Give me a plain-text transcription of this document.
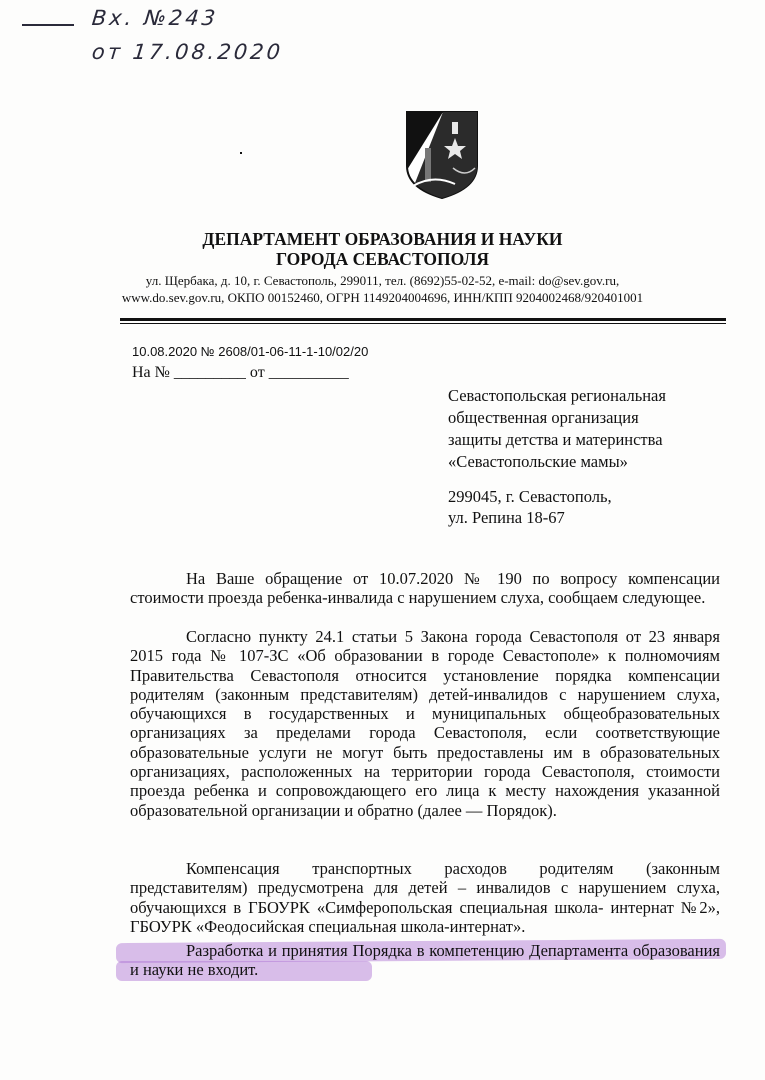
Вх. №243
от 17.08.2020
ДЕПАРТАМЕНТ ОБРАЗОВАНИЯ И НАУКИ
ГОРОДА СЕВАСТОПОЛЯ
ул. Щербака, д. 10, г. Севастополь, 299011, тел. (8692)55-02-52, e-mail: do@sev.gov.ru,
www.do.sev.gov.ru, ОКПО 00152460, ОГРН 1149204004696, ИНН/КПП 9204002468/920401001
10.08.2020 № 2608/01-06-11-1-10/02/20
На № _________ от __________
Севастопольская региональная
общественная организация
защиты детства и материнства
«Севастопольские мамы»
299045, г. Севастополь,
ул. Репина 18-67

На Ваше обращение от 10.07.2020 № 190 по вопросу компенсации стоимости проезда ребенка-инвалида с нарушением слуха, сообщаем следующее.

Согласно пункту 24.1 статьи 5 Закона города Севастополя от 23 января 2015 года № 107-ЗС «Об образовании в городе Севастополе» к полномочиям Правительства Севастополя относится установление порядка компенсации родителям (законным представителям) детей-инвалидов с нарушением слуха, обучающихся в государственных и муниципальных общеобразовательных организациях за пределами города Севастополя, если соответствующие образовательные услуги не могут быть предоставлены им в образовательных организациях, расположенных на территории города Севастополя, стоимости проезда ребенка и сопровождающего его лица к месту нахождения указанной образовательной организации и обратно (далее — Порядок).

Компенсация транспортных расходов родителям (законным представителям) предусмотрена для детей – инвалидов с нарушением слуха, обучающихся в ГБОУРК «Симферопольская специальная школа- интернат №2», ГБОУРК «Феодосийская специальная школа-интернат».

Разработка и принятия Порядка в компетенцию Департамента образования и науки не входит.
